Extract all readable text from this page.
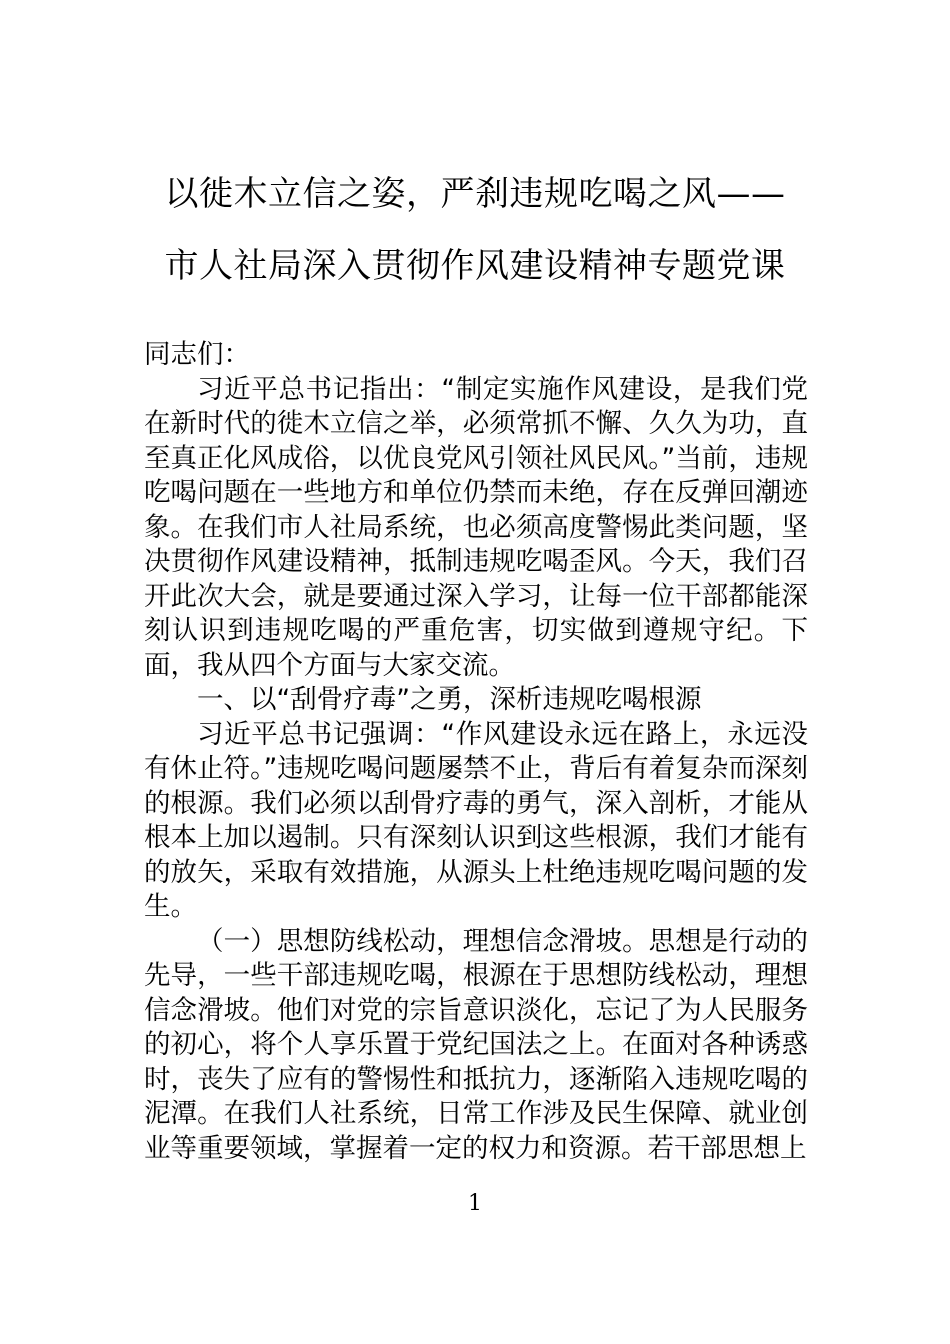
以徙木立信之姿，严刹违规吃喝之风——
市人社局深入贯彻作风建设精神专题党课

同志们：

习近平总书记指出：“制定实施作风建设，是我们党在新时代的徙木立信之举，必须常抓不懈、久久为功，直至真正化风成俗，以优良党风引领社风民风。”当前，违规吃喝问题在一些地方和单位仍禁而未绝，存在反弹回潮迹象。在我们市人社局系统，也必须高度警惕此类问题，坚决贯彻作风建设精神，抵制违规吃喝歪风。今天，我们召开此次大会，就是要通过深入学习，让每一位干部都能深刻认识到违规吃喝的严重危害，切实做到遵规守纪。下面，我从四个方面与大家交流。

一、以“刮骨疗毒”之勇，深析违规吃喝根源

习近平总书记强调：“作风建设永远在路上，永远没有休止符。”违规吃喝问题屡禁不止，背后有着复杂而深刻的根源。我们必须以刮骨疗毒的勇气，深入剖析，才能从根本上加以遏制。只有深刻认识到这些根源，我们才能有的放矢，采取有效措施，从源头上杜绝违规吃喝问题的发生。

（一）思想防线松动，理想信念滑坡。思想是行动的先导，一些干部违规吃喝，根源在于思想防线松动，理想信念滑坡。他们对党的宗旨意识淡化，忘记了为人民服务的初心，将个人享乐置于党纪国法之上。在面对各种诱惑时，丧失了应有的警惕性和抵抗力，逐渐陷入违规吃喝的泥潭。在我们人社系统，日常工作涉及民生保障、就业创业等重要领域，掌握着一定的权力和资源。若干部思想上

1
